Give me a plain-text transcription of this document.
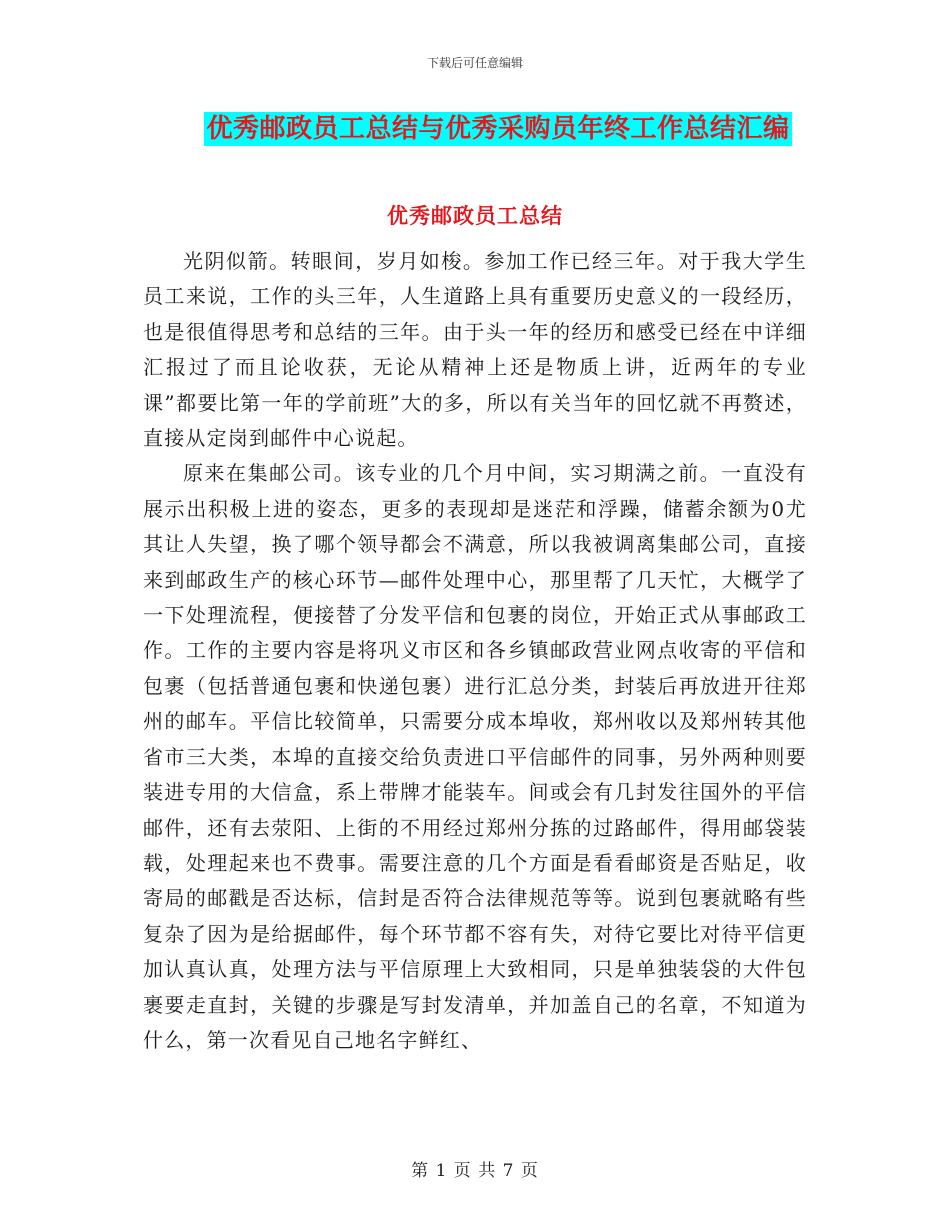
下载后可任意编辑
优秀邮政员工总结与优秀采购员年终工作总结汇编
优秀邮政员工总结

光阴似箭。转眼间，岁月如梭。参加工作已经三年。对于我大学生员工来说，工作的头三年，人生道路上具有重要历史意义的一段经历，也是很值得思考和总结的三年。由于头一年的经历和感受已经在中详细汇报过了而且论收获，无论从精神上还是物质上讲，近两年的专业课”都要比第一年的学前班”大的多，所以有关当年的回忆就不再赘述，直接从定岗到邮件中心说起。

原来在集邮公司。该专业的几个月中间，实习期满之前。一直没有展示出积极上进的姿态，更多的表现却是迷茫和浮躁，储蓄余额为0尤其让人失望，换了哪个领导都会不满意，所以我被调离集邮公司，直接来到邮政生产的核心环节—邮件处理中心，那里帮了几天忙，大概学了一下处理流程，便接替了分发平信和包裹的岗位，开始正式从事邮政工作。工作的主要内容是将巩义市区和各乡镇邮政营业网点收寄的平信和包裹（包括普通包裹和快递包裹）进行汇总分类，封装后再放进开往郑州的邮车。平信比较简单，只需要分成本埠收，郑州收以及郑州转其他省市三大类，本埠的直接交给负责进口平信邮件的同事，另外两种则要装进专用的大信盒，系上带牌才能装车。间或会有几封发往国外的平信邮件，还有去荥阳、上街的不用经过郑州分拣的过路邮件，得用邮袋装载，处理起来也不费事。需要注意的几个方面是看看邮资是否贴足，收寄局的邮戳是否达标，信封是否符合法律规范等等。说到包裹就略有些复杂了因为是给据邮件，每个环节都不容有失，对待它要比对待平信更加认真认真，处理方法与平信原理上大致相同，只是单独装袋的大件包裹要走直封，关键的步骤是写封发清单，并加盖自己的名章，不知道为什么，第一次看见自己地名字鲜红、

第 1 页 共 7 页
